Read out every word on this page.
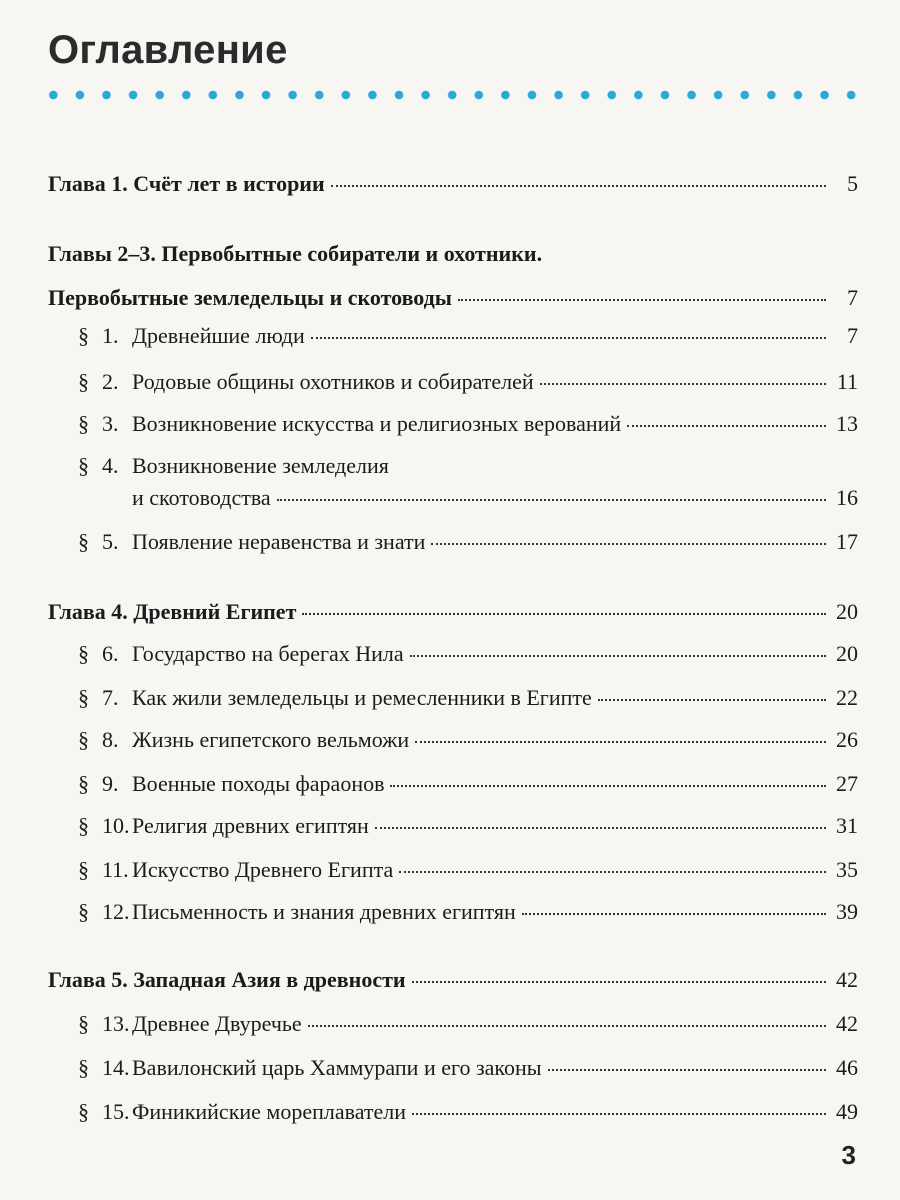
Оглавление
Глава 1. Счёт лет в истории	5
Главы 2–3. Первобытные собиратели и охотники.
Первобытные земледельцы и скотоводы	7
§ 1. Древнейшие люди	7
§ 2. Родовые общины охотников и собирателей	11
§ 3. Возникновение искусства и религиозных верований	13
§ 4. Возникновение земледелия
и скотоводства	16
§ 5. Появление неравенства и знати	17
Глава 4. Древний Египет	20
§ 6. Государство на берегах Нила	20
§ 7. Как жили земледельцы и ремесленники в Египте	22
§ 8. Жизнь египетского вельможи	26
§ 9. Военные походы фараонов	27
§ 10. Религия древних египтян	31
§ 11. Искусство Древнего Египта	35
§ 12. Письменность и знания древних египтян	39
Глава 5. Западная Азия в древности	42
§ 13. Древнее Двуречье	42
§ 14. Вавилонский царь Хаммурапи и его законы	46
§ 15. Финикийские мореплаватели	49
3
